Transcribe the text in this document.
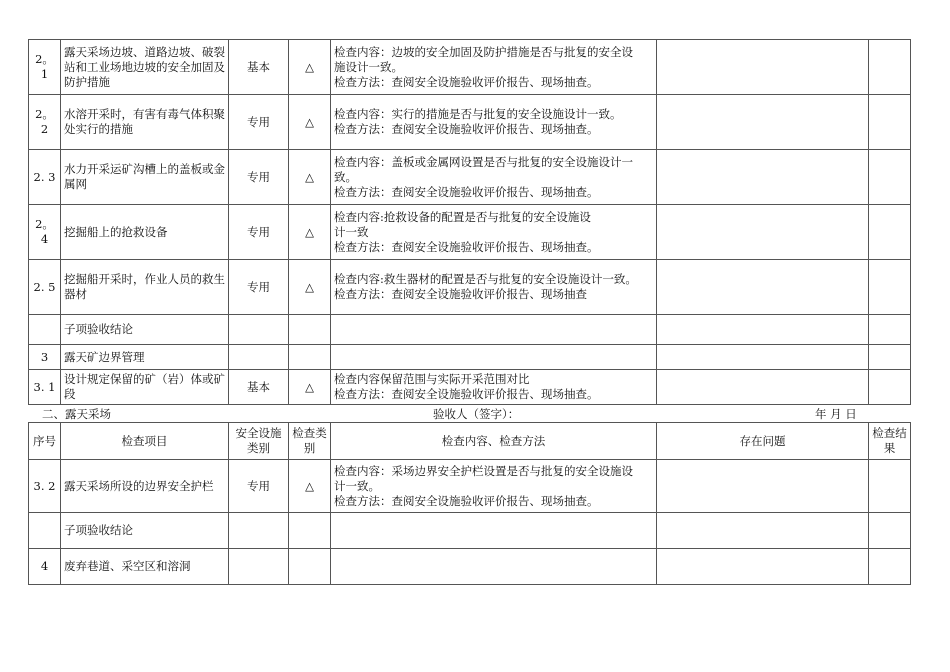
2。1	露天采场边坡、道路边坡、破裂站和工业场地边坡的安全加固及防护措施	基本	△	检查内容：边坡的安全加固及防护措施是否与批复的安全设
施设计一致。
检查方法：查阅安全设施验收评价报告、现场抽查。		

2。2	水溶开采时，有害有毒气体积聚处实行的措施	专用	△	检查内容：实行的措施是否与批复的安全设施设计一致。
检查方法：查阅安全设施验收评价报告、现场抽查。		

2. 3	水力开采运矿沟槽上的盖板或金属网	专用	△	检查内容：盖板或金属网设置是否与批复的安全设施设计一
致。
检查方法：查阅安全设施验收评价报告、现场抽查。		

2。4	挖掘船上的抢救设备	专用	△	检查内容:抢救设备的配置是否与批复的安全设施设
计一致
检查方法：查阅安全设施验收评价报告、现场抽查。		

2. 5	挖掘船开采时，作业人员的救生器材	专用	△	检查内容:救生器材的配置是否与批复的安全设施设计一致。
检查方法：查阅安全设施验收评价报告、现场抽查		

	子项验收结论					
3	露天矿边界管理					
3. 1	设计规定保留的矿（岩）体或矿段	基本	△	检查内容保留范围与实际开采范围对比
检查方法：查阅安全设施验收评价报告、现场抽查。		

二、露天采场	验收人（签字）：	年 月 日
序号	检查项目	安全设施类别	检查类别	检查内容、检查方法	存在问题	检查结果
3. 2	露天采场所设的边界安全护栏	专用	△	检查内容：采场边界安全护栏设置是否与批复的安全设施设
计一致。
检查方法：查阅安全设施验收评价报告、现场抽查。		

	子项验收结论					
4	废弃巷道、采空区和溶洞					
